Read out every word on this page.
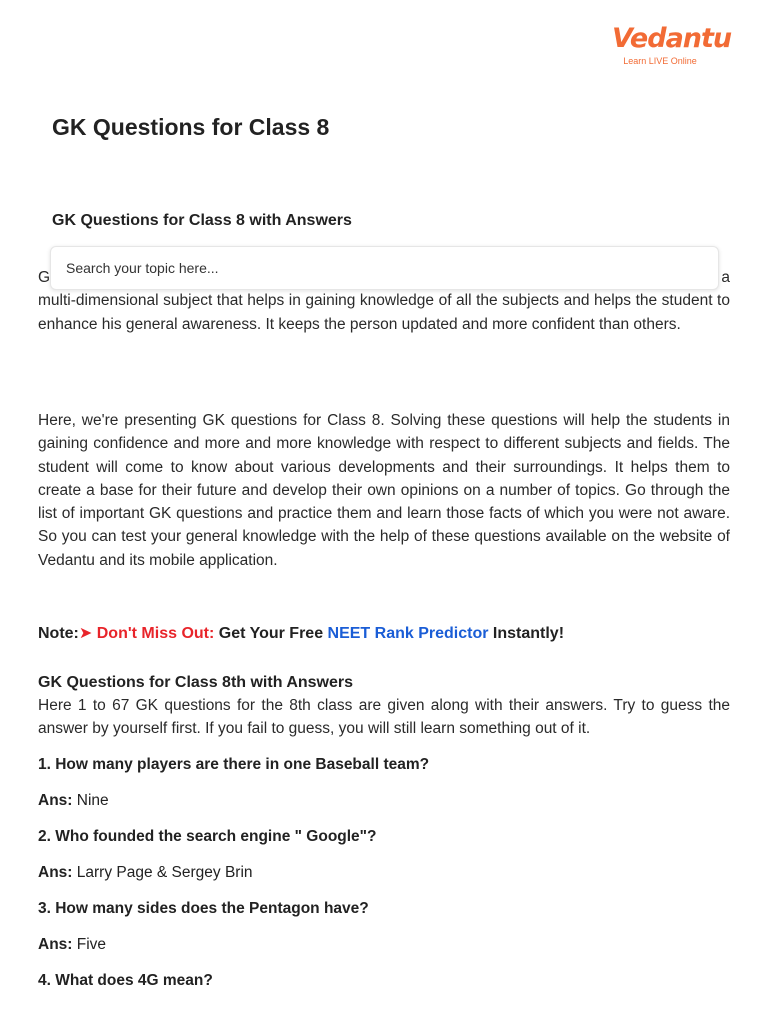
Vedantu
Learn LIVE Online
GK Questions for Class 8
GK Questions for Class 8 with Answers

G	a

multi-dimensional subject that helps in gaining knowledge of all the subjects and helps the student to enhance his general awareness. It keeps the person updated and more confident than others.

Search your topic here...

Here, we're presenting GK questions for Class 8. Solving these questions will help the students in gaining confidence and more and more knowledge with respect to different subjects and fields. The student will come to know about various developments and their surroundings. It helps them to create a base for their future and develop their own opinions on a number of topics. Go through the list of important GK questions and practice them and learn those facts of which you were not aware. So you can test your general knowledge with the help of these questions available on the website of Vedantu and its mobile application.

Note:➤ Don't Miss Out: Get Your Free NEET Rank Predictor Instantly!

GK Questions for Class 8th with Answers

Here 1 to 67 GK questions for the 8th class are given along with their answers. Try to guess the answer by yourself first. If you fail to guess, you will still learn something out of it.

1. How many players are there in one Baseball team?

Ans: Nine

2. Who founded the search engine " Google"?

Ans: Larry Page & Sergey Brin

3. How many sides does the Pentagon have?

Ans: Five

4. What does 4G mean?
